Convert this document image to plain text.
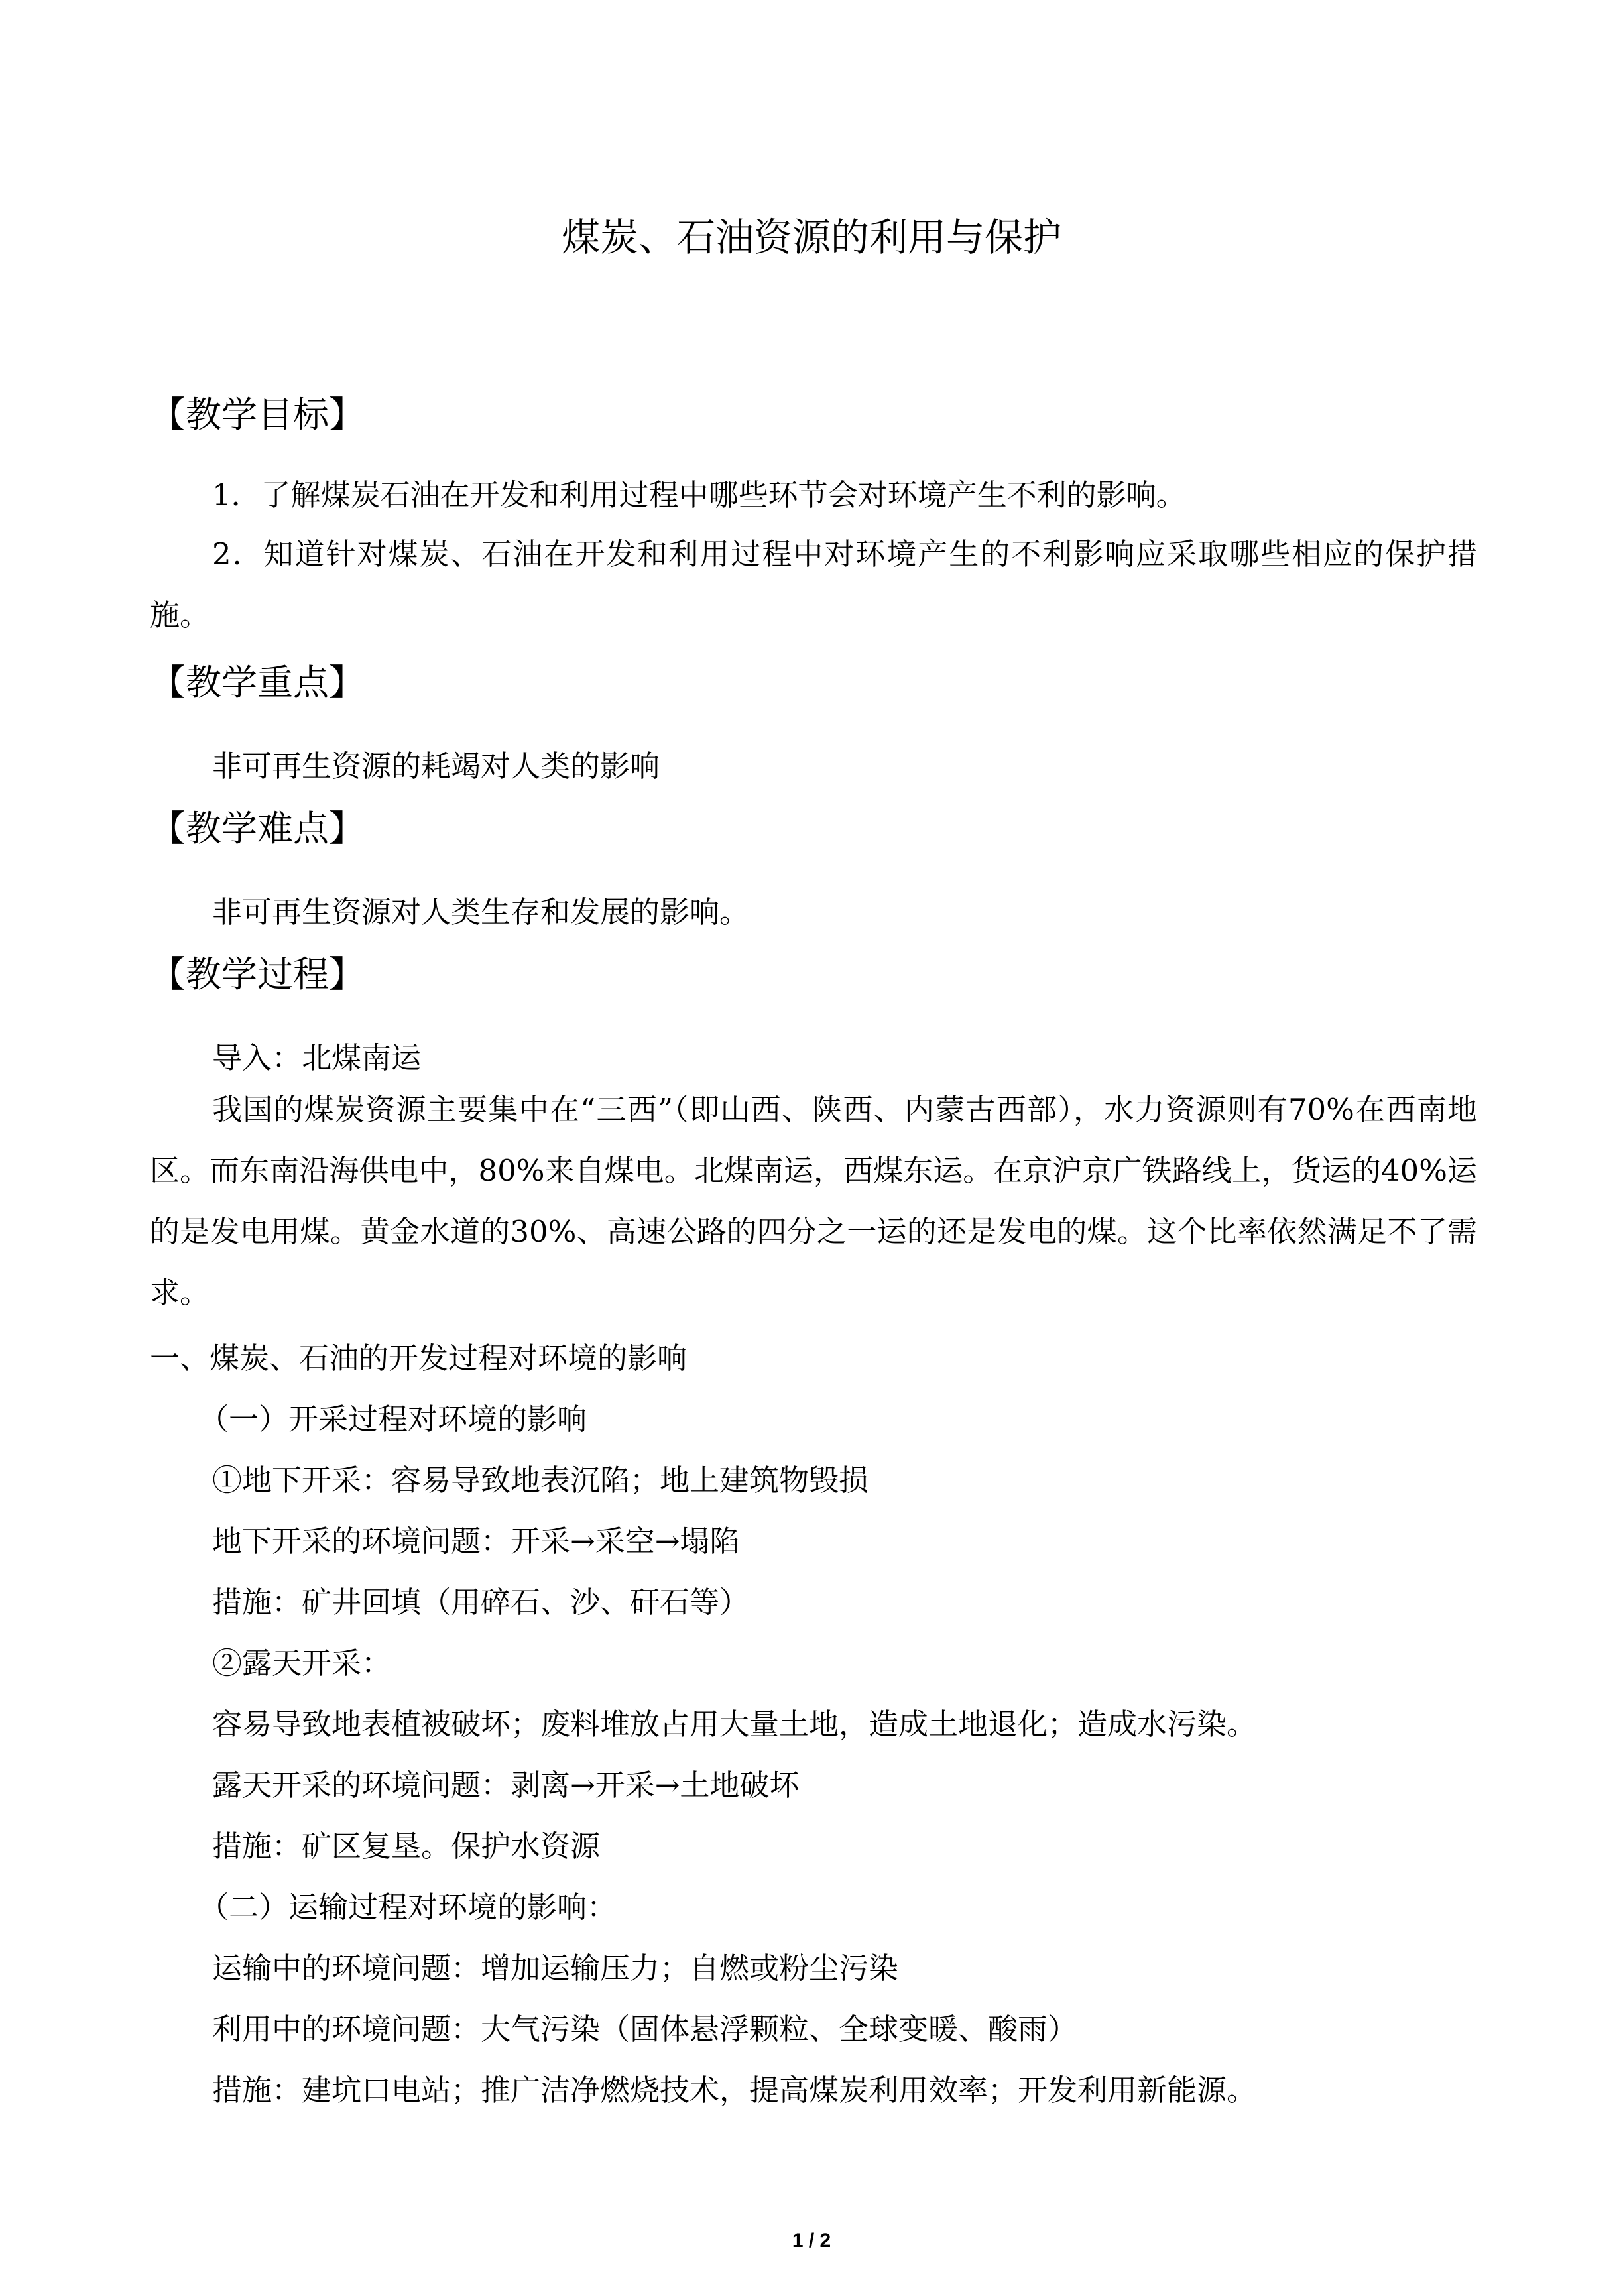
煤炭、石油资源的利用与保护
【教学目标】

1．了解煤炭石油在开发和利用过程中哪些环节会对环境产生不利的影响。

2．知道针对煤炭、石油在开发和利用过程中对环境产生的不利影响应采取哪些相应的保护措施。

【教学重点】

非可再生资源的耗竭对人类的影响

【教学难点】

非可再生资源对人类生存和发展的影响。

【教学过程】

导入：北煤南运

我国的煤炭资源主要集中在“三西”（即山西、陕西、内蒙古西部），水力资源则有70%在西南地区。而东南沿海供电中，80%来自煤电。北煤南运，西煤东运。在京沪京广铁路线上，货运的40%运的是发电用煤。黄金水道的30%、高速公路的四分之一运的还是发电的煤。这个比率依然满足不了需求。

一、煤炭、石油的开发过程对环境的影响

（一）开采过程对环境的影响

①地下开采：容易导致地表沉陷；地上建筑物毁损

地下开采的环境问题：开采→采空→塌陷

措施：矿井回填（用碎石、沙、矸石等）

②露天开采：

容易导致地表植被破坏；废料堆放占用大量土地，造成土地退化；造成水污染。

露天开采的环境问题：剥离→开采→土地破坏

措施：矿区复垦。保护水资源

（二）运输过程对环境的影响：

运输中的环境问题：增加运输压力；自燃或粉尘污染

利用中的环境问题：大气污染（固体悬浮颗粒、全球变暖、酸雨）

措施：建坑口电站；推广洁净燃烧技术，提高煤炭利用效率；开发利用新能源。

1 / 2
